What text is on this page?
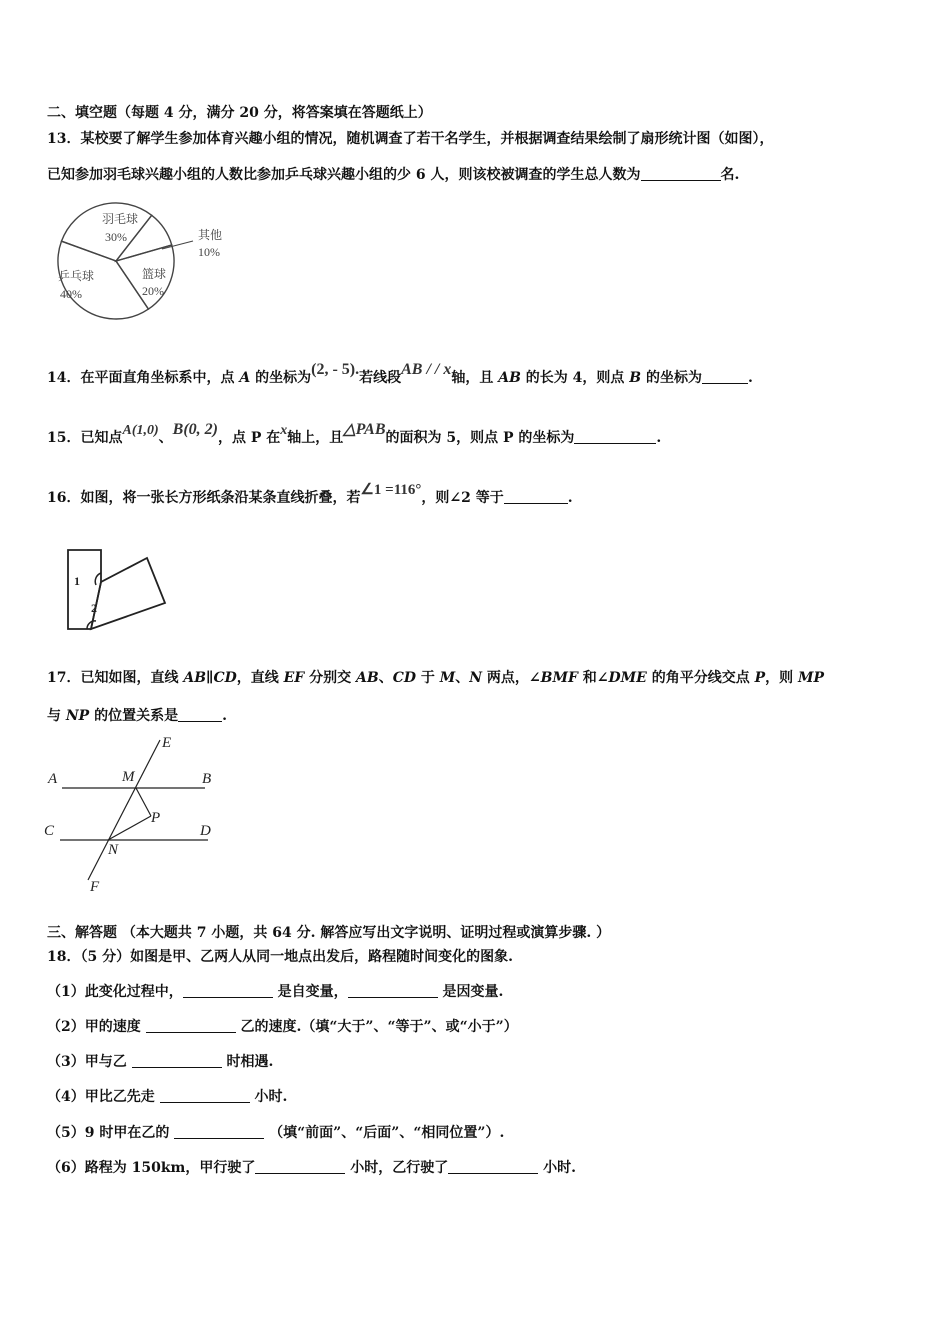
二、填空题（每题 4 分，满分 20 分，将答案填在答题纸上）
13．某校要了解学生参加体育兴趣小组的情况，随机调查了若干名学生，并根据调查结果绘制了扇形统计图（如图），
已知参加羽毛球兴趣小组的人数比参加乒乓球兴趣小组的少 6 人，则该校被调查的学生总人数为	名.
羽毛球
30%	其他
10%
篮球
20%
乒乓球
40%
14．在平面直角坐标系中，点 A 的坐标为(2, - 5).若线段AB / / x轴，且 AB 的长为 4，则点 B 的坐标为	.
15．已知点A(1,0)、B(0, 2)，点 P 在x轴上，且△PAB的面积为 5，则点 P 的坐标为	.
16．如图，将一张长方形纸条沿某条直线折叠，若∠1 =116°，则∠2 等于	.
1
2
17．已知如图，直线 AB∥CD，直线 EF 分别交 AB、CD 于 M、N 两点，∠BMF 和∠DME 的角平分线交点 P，则 MP
与 NP 的位置关系是	.
E
A	M	B
P
C
N
D
F
三、解答题 （本大题共 7 小题，共 64 分. 解答应写出文字说明、证明过程或演算步骤. ）
18．（5 分）如图是甲、乙两人从同一地点出发后，路程随时间变化的图象.
（1）此变化过程中，	是自变量，	是因变量.
（2）甲的速度	乙的速度.（填“大于”、“等于”、或“小于”）
（3）甲与乙	时相遇.
（4）甲比乙先走	小时.
（5）9 时甲在乙的	（填“前面”、“后面”、“相同位置”）.
（6）路程为 150km，甲行驶了	小时，乙行驶了	小时.
